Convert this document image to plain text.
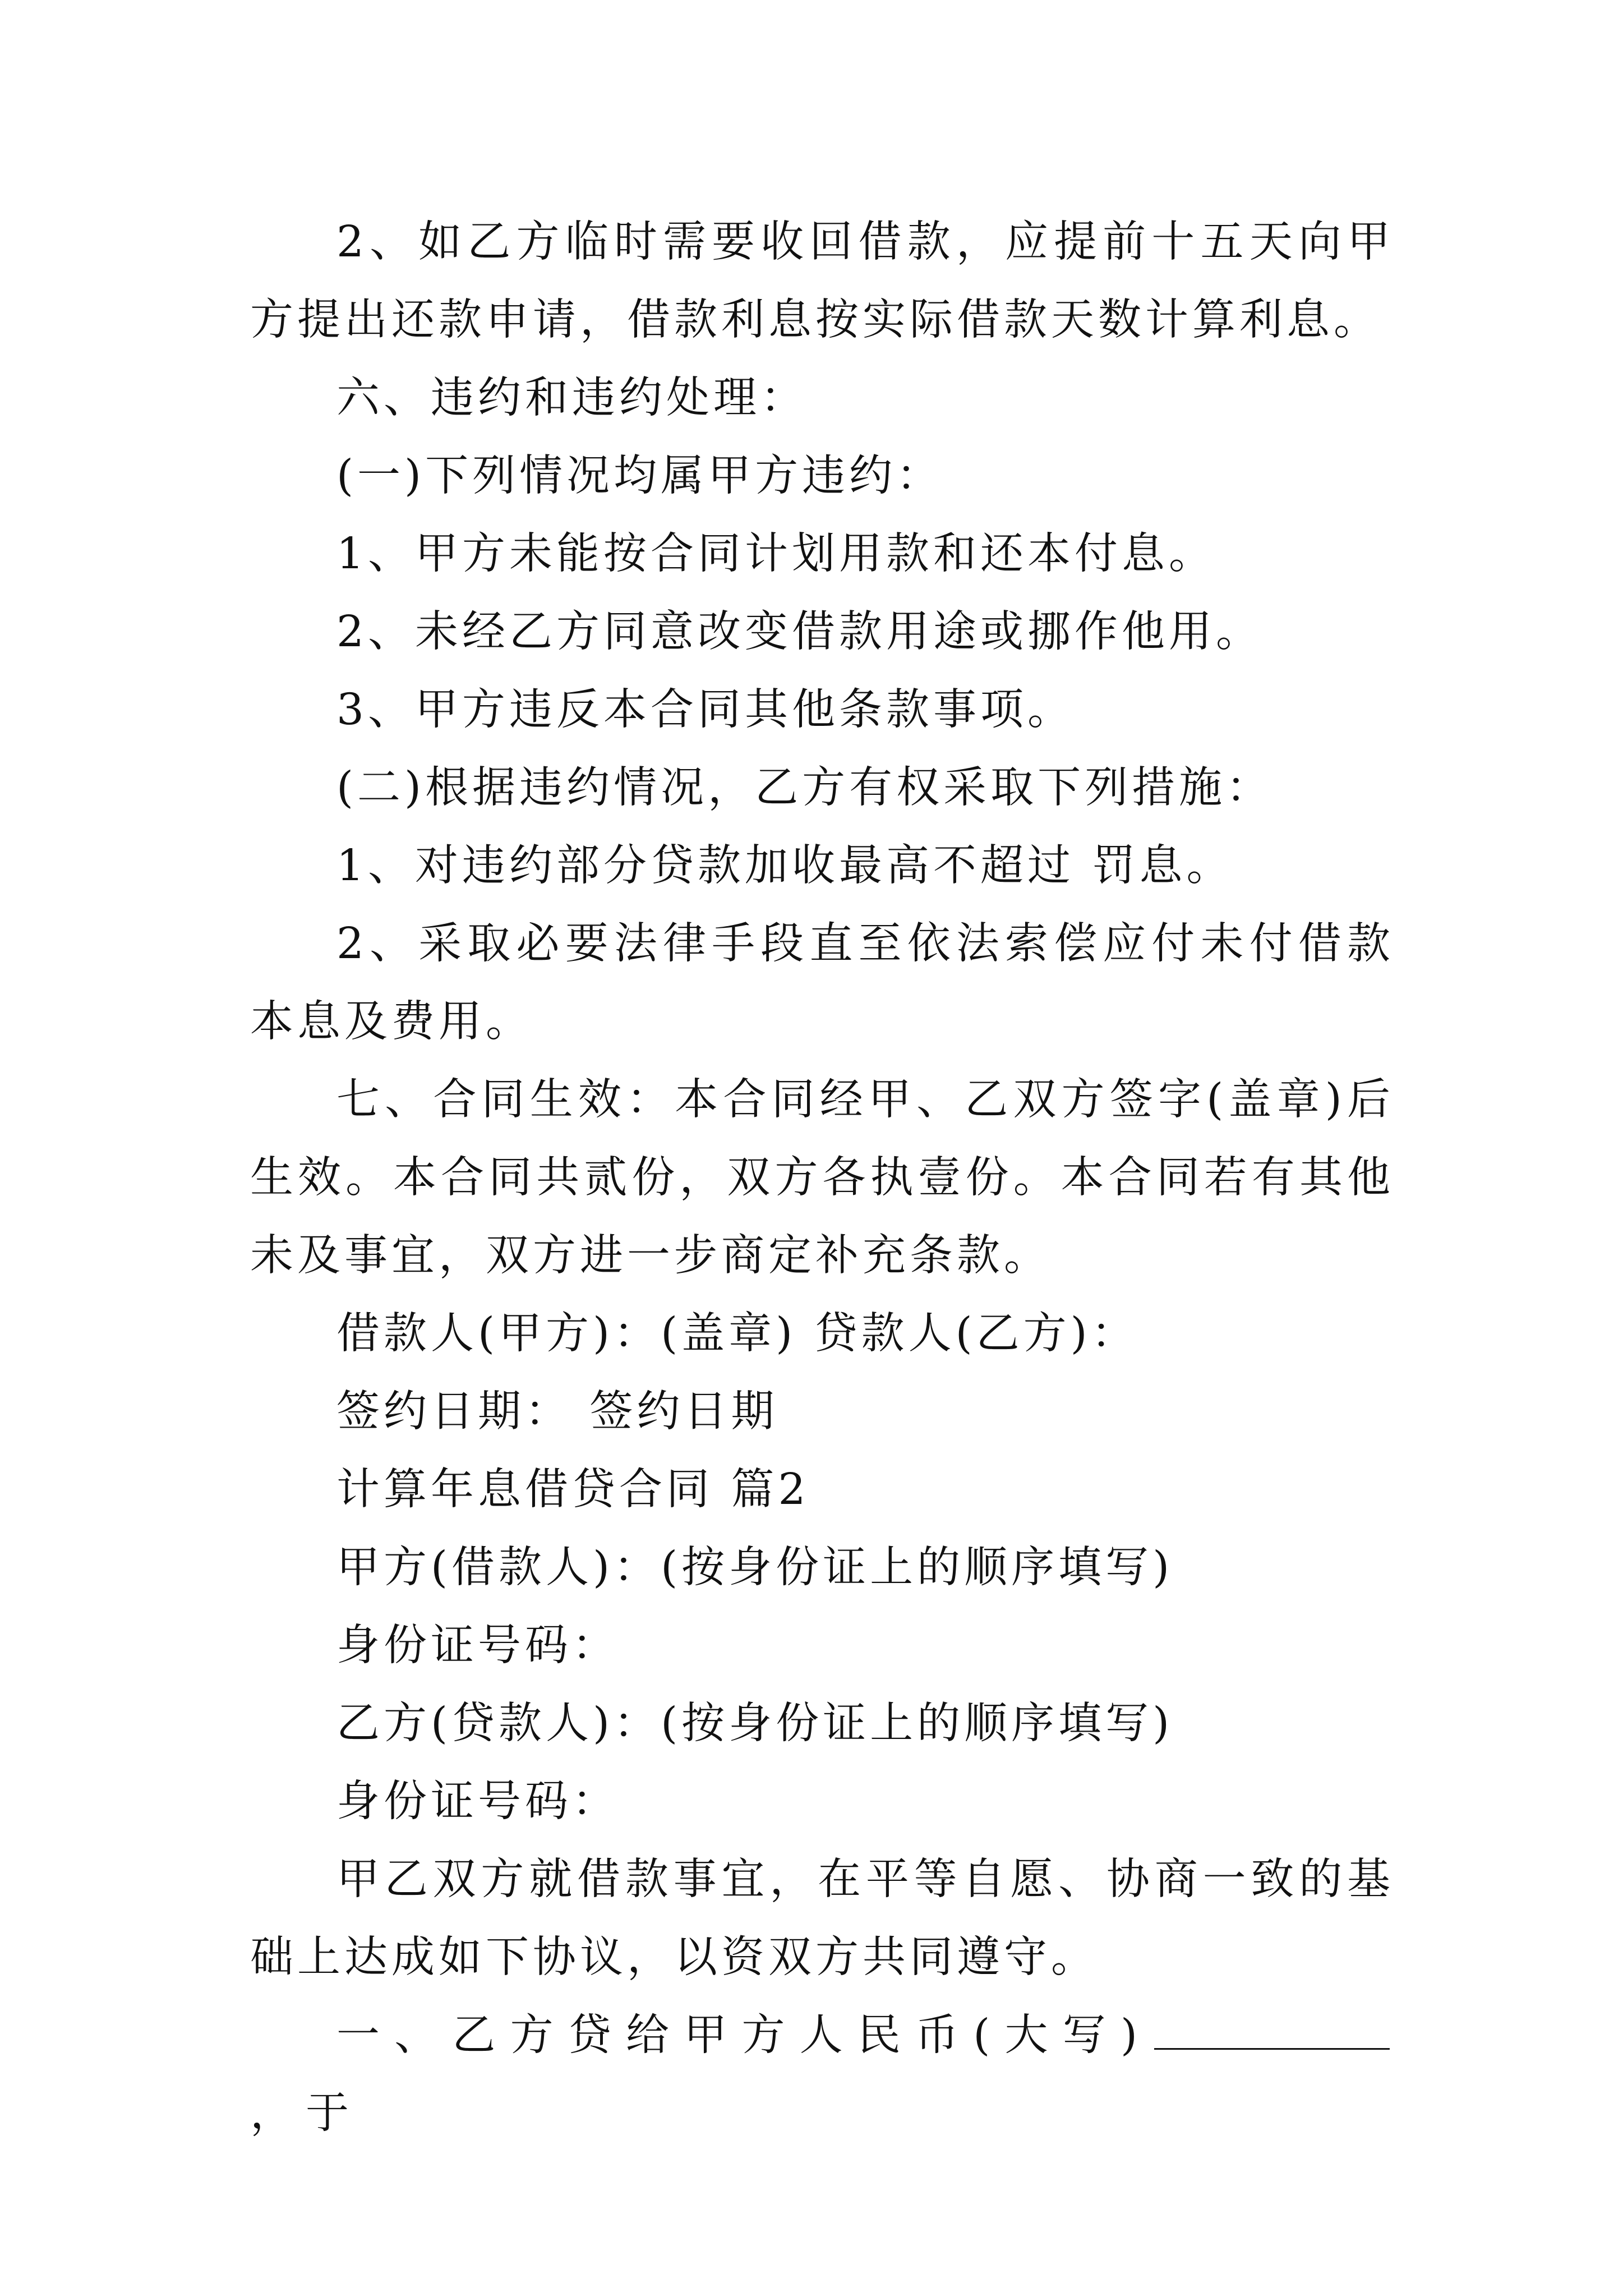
2、如乙方临时需要收回借款，应提前十五天向甲方提出还款申请，借款利息按实际借款天数计算利息。

六、违约和违约处理：

(一)下列情况均属甲方违约：

1、甲方未能按合同计划用款和还本付息。

2、未经乙方同意改变借款用途或挪作他用。

3、甲方违反本合同其他条款事项。

(二)根据违约情况，乙方有权采取下列措施：

1、对违约部分贷款加收最高不超过 罚息。

2、采取必要法律手段直至依法索偿应付未付借款本息及费用。

七、合同生效：本合同经甲、乙双方签字(盖章)后生效。本合同共贰份，双方各执壹份。本合同若有其他未及事宜，双方进一步商定补充条款。

借款人(甲方)：(盖章) 贷款人(乙方)：

签约日期： 签约日期

计算年息借贷合同 篇2

甲方(借款人)：(按身份证上的顺序填写)

身份证号码：

乙方(贷款人)：(按身份证上的顺序填写)

身份证号码：

甲乙双方就借款事宜，在平等自愿、协商一致的基础上达成如下协议，以资双方共同遵守。

一、乙方贷给甲方人民币(大写)，于
